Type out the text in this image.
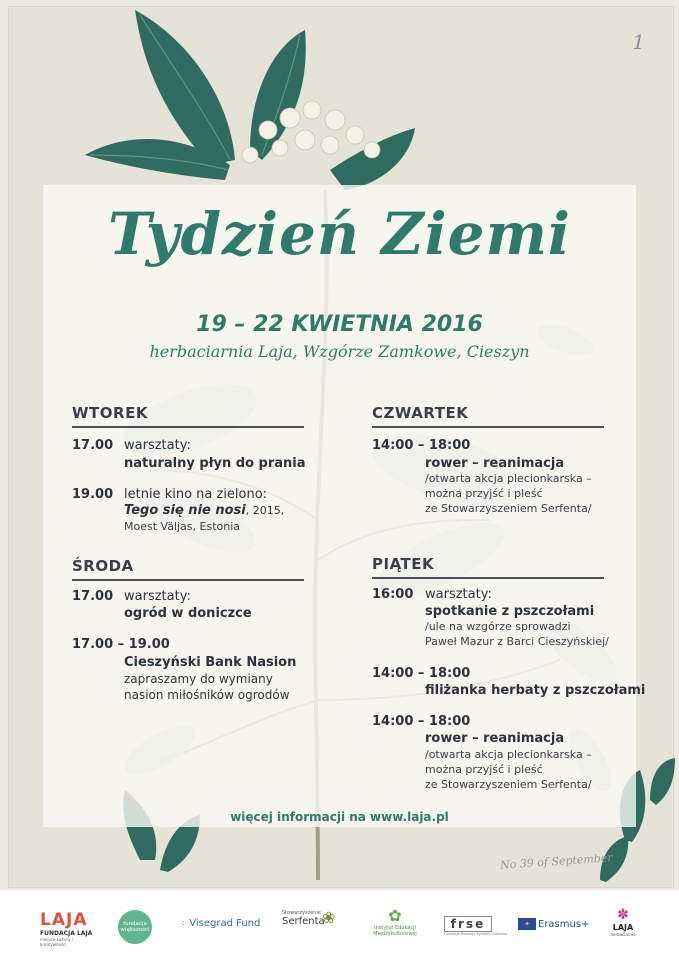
1
No 39 of September
Tydzień Ziemi
19 – 22 KWIETNIA 2016
herbaciarnia Laja, Wzgórze Zamkowe, Cieszyn
WTOREK
17.00 warsztaty:
naturalny płyn do prania
19.00 letnie kino na zielono:
Tego się nie nosi, 2015,
Moest Väljas, Estonia
ŚRODA
17.00 warsztaty:
ogród w doniczce
17.00 – 19.00
Cieszyński Bank Nasion
zapraszamy do wymiany
nasion miłośników ogrodów
CZWARTEK
14:00 – 18:00
rower – reanimacja
/otwarta akcja plecionkarska –
można przyjść i pleść
ze Stowarzyszeniem Serfenta/
PIĄTEK
16:00 warsztaty:
spotkanie z pszczołami
/ule na wzgórze sprowadzi
Paweł Mazur z Barci Cieszyńskiej/
14:00 – 18:00
filiżanka herbaty z pszczołami
14:00 – 18:00
rower – reanimacja
/otwarta akcja plecionkarska –
można przyjść i pleść
ze Stowarzyszeniem Serfenta/
więcej informacji na www.laja.pl
LAJA
FUNDACJA LAJA
miejsce kultury i kreatywności
fundacja
większości
⁘ Visegrad Fund
Stowarzyszenie
Serfenta
❀	✿
Instytut Edukacji
Międzykulturowej
frse
Fundacja Rozwoju Systemu Edukacji
✦ Erasmus+
✽
LAJA
herbaciarnia
